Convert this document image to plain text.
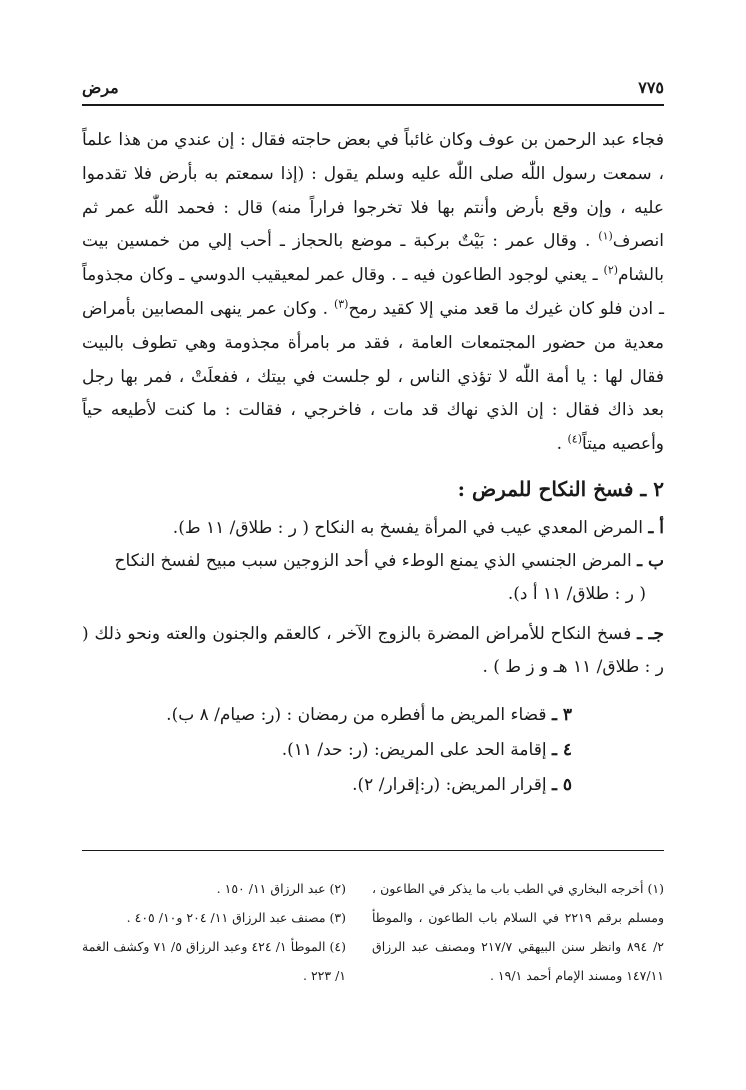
٧٧٥
مرض

فجاء عبد الرحمن بن عوف وكان غائباً في بعض حاجته فقال : إن عندي من هذا علماً ، سمعت رسول اللّٰه صلى اللّٰه عليه وسلم يقول : (إذا سمعتم به بأرض فلا تقدموا عليه ، وإن وقع بأرض وأنتم بها فلا تخرجوا فراراً منه) قال : فحمد اللّٰه عمر ثم انصرف$^{(١)}$ . وقال عمر : بَيْتٌ بركبة ـ موضع بالحجاز ـ أحب إلي من خمسين بيت بالشام$^{(٢)}$ ـ يعني لوجود الطاعون فيه ـ . وقال عمر لمعيقيب الدوسي ـ وكان مجذوماً ـ ادن فلو كان غيرك ما قعد مني إلا كقيد رمح$^{(٣)}$ . وكان عمر ينهى المصابين بأمراض معدية من حضور المجتمعات العامة ، فقد مر بامرأة مجذومة وهي تطوف بالبيت فقال لها : يا أمة اللّٰه لا تؤذي الناس ، لو جلست في بيتك ، ففعلَتْ ، فمر بها رجل بعد ذاك فقال : إن الذي نهاك قد مات ، فاخرجي ، فقالت : ما كنت لأطيعه حياً وأعصيه ميتاً$^{(٤)}$ .

٢ ـ فسخ النكاح للمرض :

أ ـ المرض المعدي عيب في المرأة يفسخ به النكاح ( ر : طلاق/ ١١ ط).

ب ـ المرض الجنسي الذي يمنع الوطء في أحد الزوجين سبب مبيح لفسخ النكاح

( ر : طلاق/ ١١ أ د).

جـ ـ فسخ النكاح للأمراض المضرة بالزوج الآخر ، كالعقم والجنون والعته ونحو ذلك ( ر : طلاق/ ١١ هـ و ز ط ) .

٣ ـ قضاء المريض ما أفطره من رمضان : (ر: صيام/ ٨ ب).

٤ ـ إقامة الحد على المريض: (ر: حد/ ١١).

٥ ـ إقرار المريض: (ر:إقرار/ ٢).

(١) أخرجه البخاري في الطب باب ما يذكر في الطاعون ، ومسلم برقم ٢٢١٩ في السلام باب الطاعون ، والموطأ ٢/ ٨٩٤ وانظر سنن البيهقي ٢١٧/٧ ومصنف عبد الرزاق ١٤٧/١١ ومسند الإمام أحمد ١٩/١ .

(٢) عبد الرزاق ١١/ ١٥٠ .

(٣) مصنف عبد الرزاق ١١/ ٢٠٤ و١٠/ ٤٠٥ .

(٤) الموطأ ١/ ٤٢٤ وعبد الرزاق ٥/ ٧١ وكشف الغمة ١/ ٢٢٣ .
